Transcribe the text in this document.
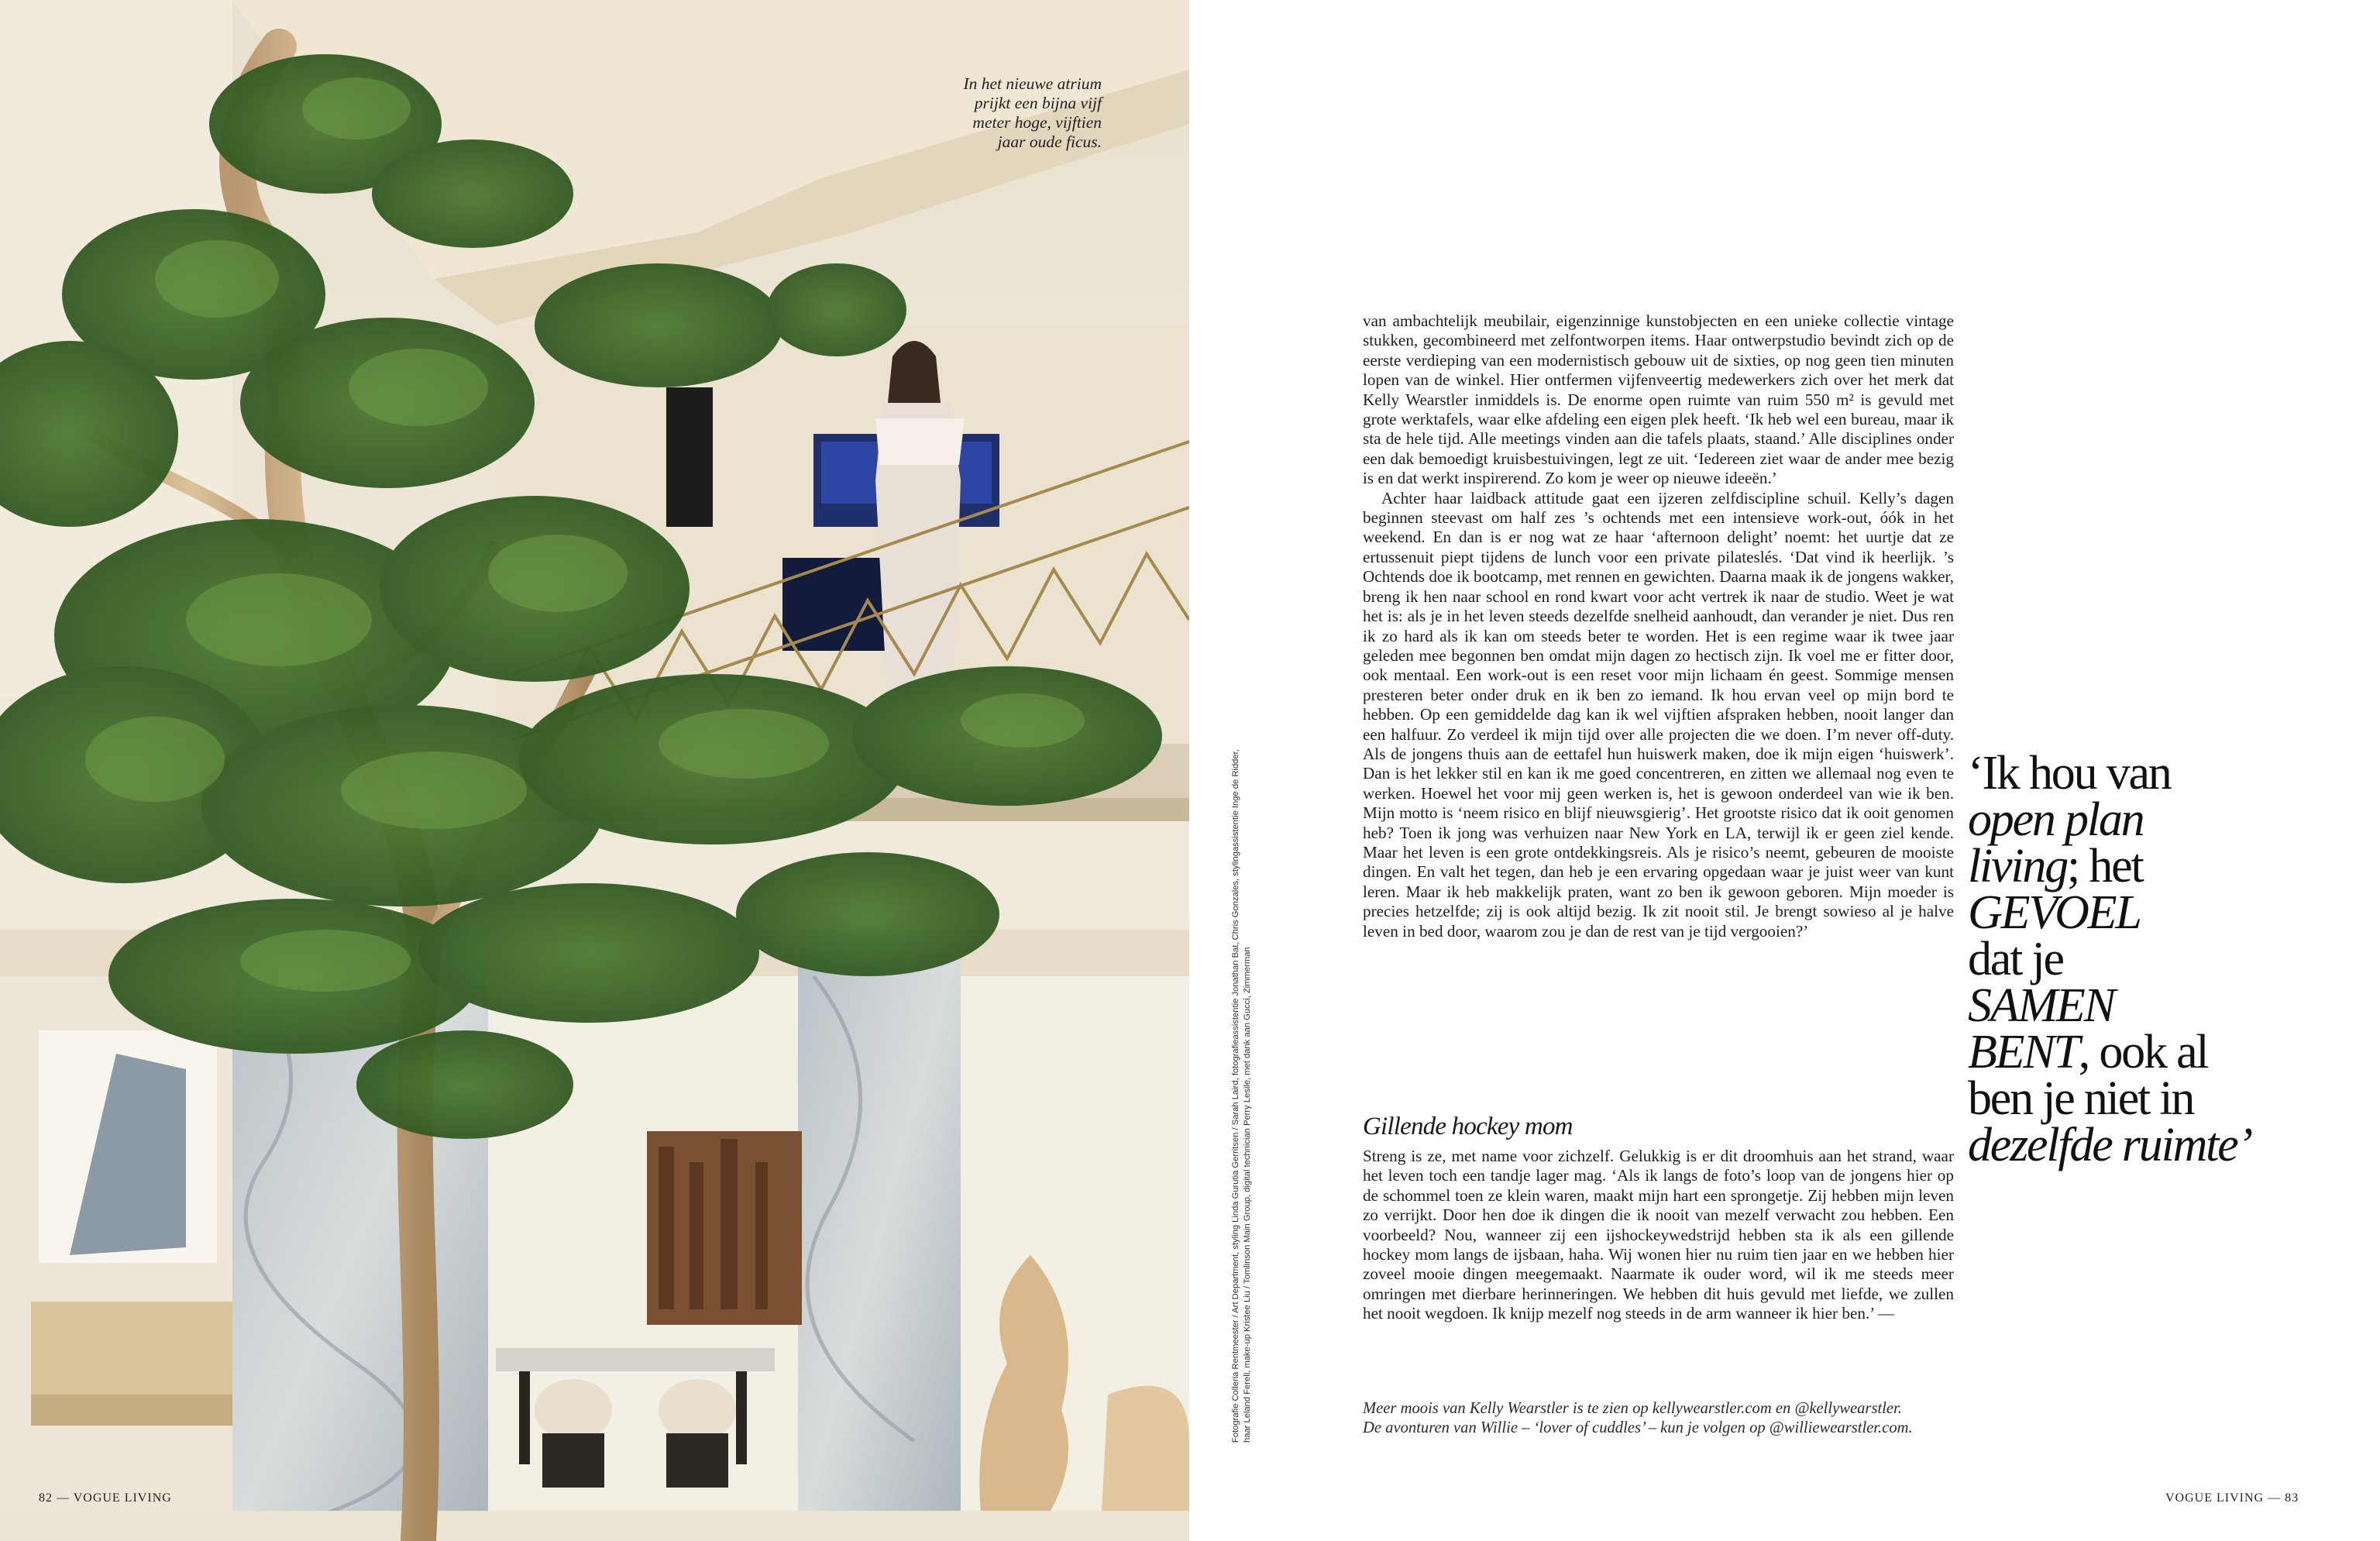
In het nieuwe atrium
prijkt een bijna vijf
meter hoge, vijftien
jaar oude ficus.
82 — VOGUE LIVING
Fotografie Colleria Rentmeester / Art Department, styling Linda Gurutia Gerritsen / Sarah Laird, fotografieassistentie Jonathan Bat, Chris Gonzales, stylingassistentie Inge de Ridder, haar Leland Ferell, make-up Kristee Liu / Tomlinson Main Group, digital technician Perry Lesile, met dank aan Gucci, Zimmerman

van ambachtelijk meubilair, eigenzinnige kunstobjecten en een unieke collectie vintage stukken, gecombineerd met zelfontworpen items. Haar ontwerpstudio bevindt zich op de eerste verdieping van een modernistisch gebouw uit de sixties, op nog geen tien minuten lopen van de winkel. Hier ontfermen vijfenveertig medewerkers zich over het merk dat Kelly Wearstler inmiddels is. De enorme open ruimte van ruim 550 m² is gevuld met grote werktafels, waar elke afdeling een eigen plek heeft. ‘Ik heb wel een bureau, maar ik sta de hele tijd. Alle meetings vinden aan die tafels plaats, staand.’ Alle disciplines onder een dak bemoedigt kruisbestuivingen, legt ze uit. ‘Iedereen ziet waar de ander mee bezig is en dat werkt inspirerend. Zo kom je weer op nieuwe ideeën.’

Achter haar laidback attitude gaat een ijzeren zelfdiscipline schuil. Kelly’s dagen beginnen steevast om half zes ’s ochtends met een intensieve work-out, óók in het weekend. En dan is er nog wat ze haar ‘afternoon delight’ noemt: het uurtje dat ze ertussenuit piept tijdens de lunch voor een private pilateslés. ‘Dat vind ik heerlijk. ’s Ochtends doe ik bootcamp, met rennen en gewichten. Daarna maak ik de jongens wakker, breng ik hen naar school en rond kwart voor acht vertrek ik naar de studio. Weet je wat het is: als je in het leven steeds dezelfde snelheid aanhoudt, dan verander je niet. Dus ren ik zo hard als ik kan om steeds beter te worden. Het is een regime waar ik twee jaar geleden mee begonnen ben omdat mijn dagen zo hectisch zijn. Ik voel me er fitter door, ook mentaal. Een work-out is een reset voor mijn lichaam én geest. Sommige mensen presteren beter onder druk en ik ben zo iemand. Ik hou ervan veel op mijn bord te hebben. Op een gemiddelde dag kan ik wel vijftien afspraken hebben, nooit langer dan een halfuur. Zo verdeel ik mijn tijd over alle projecten die we doen. I’m never off-duty. Als de jongens thuis aan de eettafel hun huiswerk maken, doe ik mijn eigen ‘huiswerk’. Dan is het lekker stil en kan ik me goed concentreren, en zitten we allemaal nog even te werken. Hoewel het voor mij geen werken is, het is gewoon onderdeel van wie ik ben. Mijn motto is ‘neem risico en blijf nieuwsgierig’. Het grootste risico dat ik ooit genomen heb? Toen ik jong was verhuizen naar New York en LA, terwijl ik er geen ziel kende. Maar het leven is een grote ontdekkingsreis. Als je risico’s neemt, gebeuren de mooiste dingen. En valt het tegen, dan heb je een ervaring opgedaan waar je juist weer van kunt leren. Maar ik heb makkelijk praten, want zo ben ik gewoon geboren. Mijn moeder is precies hetzelfde; zij is ook altijd bezig. Ik zit nooit stil. Je brengt sowieso al je halve leven in bed door, waarom zou je dan de rest van je tijd vergooien?’

Gillende hockey mom

Streng is ze, met name voor zichzelf. Gelukkig is er dit droomhuis aan het strand, waar het leven toch een tandje lager mag. ‘Als ik langs de foto’s loop van de jongens hier op de schommel toen ze klein waren, maakt mijn hart een sprongetje. Zij hebben mijn leven zo verrijkt. Door hen doe ik dingen die ik nooit van mezelf verwacht zou hebben. Een voorbeeld? Nou, wanneer zij een ijshockeywedstrijd hebben sta ik als een gillende hockey mom langs de ijsbaan, haha. Wij wonen hier nu ruim tien jaar en we hebben hier zoveel mooie dingen meegemaakt. Naarmate ik ouder word, wil ik me steeds meer omringen met dierbare herinneringen. We hebben dit huis gevuld met liefde, we zullen het nooit wegdoen. Ik knijp mezelf nog steeds in de arm wanneer ik hier ben.’ —

Meer moois van Kelly Wearstler is te zien op kellywearstler.com en @kellywearstler.

De avonturen van Willie – ‘lover of cuddles’ – kun je volgen op @williewearstler.com.

‘Ik hou van
open plan
living; het
GEVOEL
dat je
SAMEN
BENT, ook al
ben je niet in
dezelfde ruimte’
VOGUE LIVING — 83
